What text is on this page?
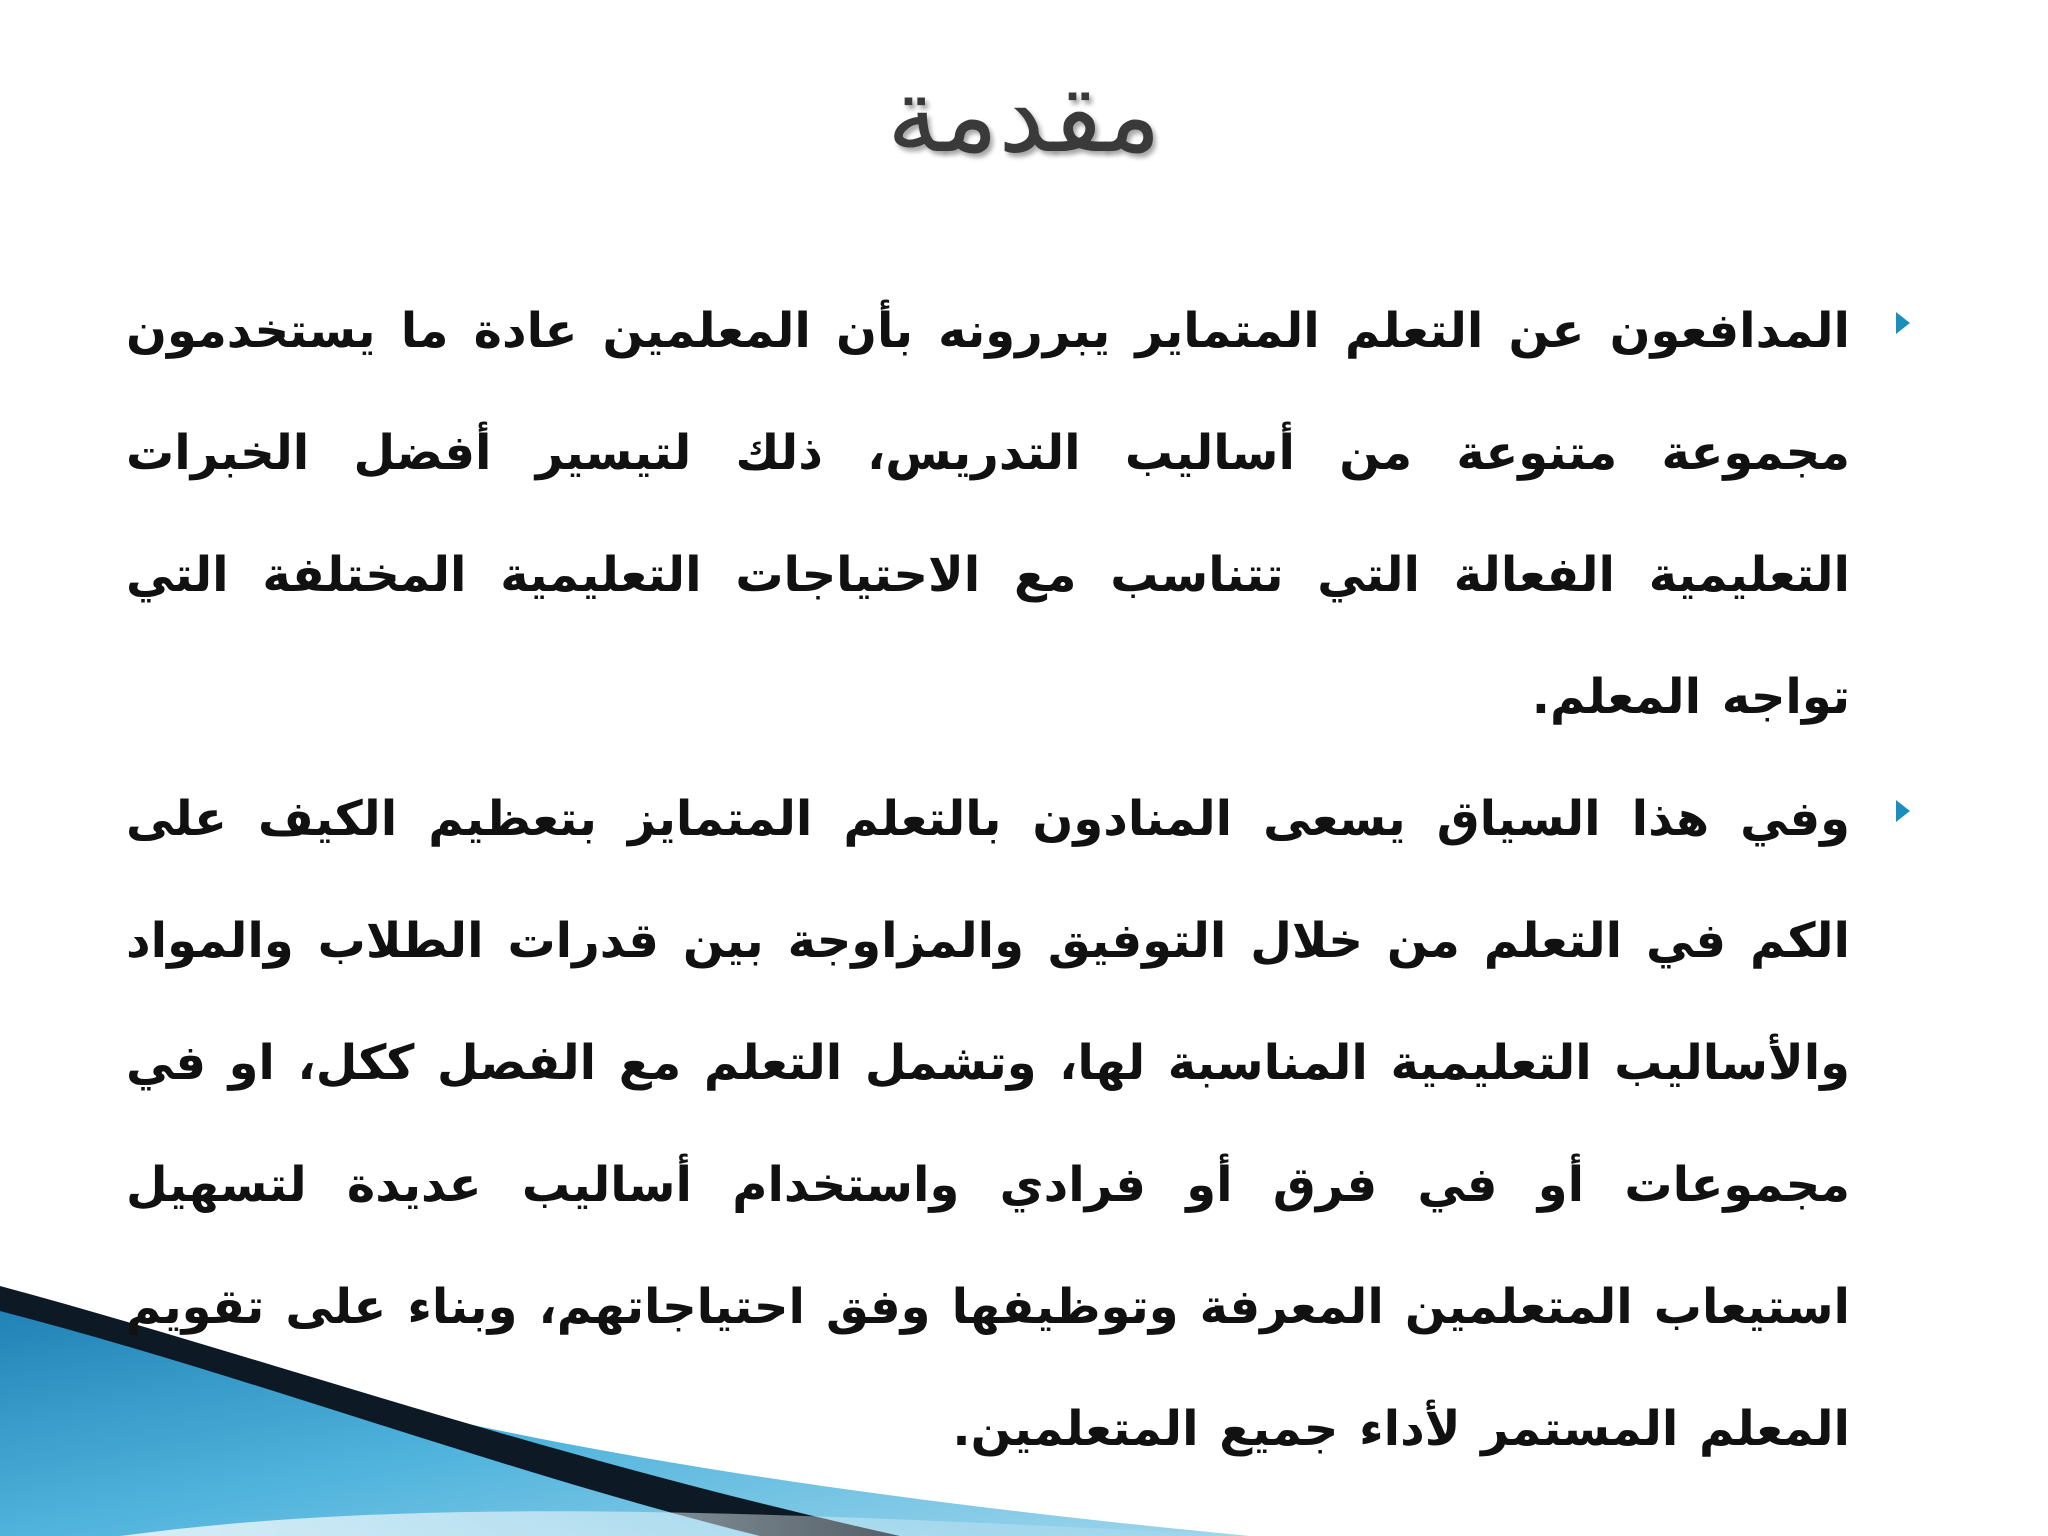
مقدمة
المدافعون عن التعلم المتماير يبررونه بأن المعلمين عادة ما يستخدمون مجموعة متنوعة من أساليب التدريس، ذلك لتيسير أفضل الخبرات التعليمية الفعالة التي تتناسب مع الاحتياجات التعليمية المختلفة التي تواجه المعلم.
وفي هذا السياق يسعى المنادون بالتعلم المتمايز بتعظيم الكيف على الكم في التعلم من خلال التوفيق والمزاوجة بين قدرات الطلاب والمواد والأساليب التعليمية المناسبة لها، وتشمل التعلم مع الفصل ككل، او في مجموعات أو في فرق أو فرادي واستخدام أساليب عديدة لتسهيل استيعاب المتعلمين المعرفة وتوظيفها وفق احتياجاتهم، وبناء على تقويم المعلم المستمر لأداء جميع المتعلمين.
